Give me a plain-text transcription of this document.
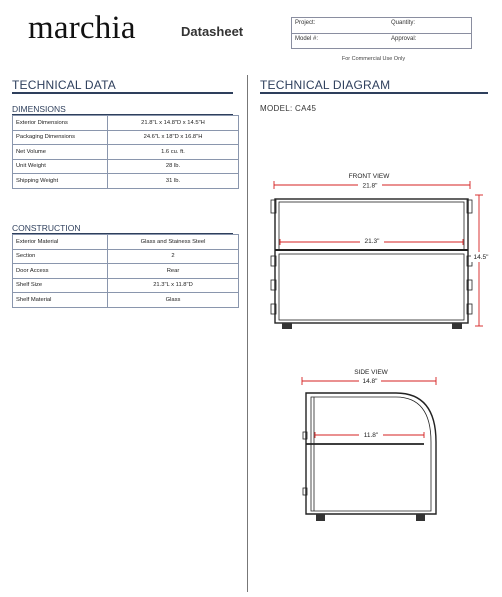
marchia	Datasheet
Project:	Quantity:
Model #:	Approval:
For Commercial Use Only
TECHNICAL DATA
DIMENSIONS
Exterior Dimensions	21.8"L x 14.8"D x 14.5"H
Packaging Dimensions	24.6"L x 18"D x 16.8"H
Net Volume	1.6 cu. ft.
Unit Weight	28 lb.
Shipping Weight	31 lb.
CONSTRUCTION
Exterior Material	Glass and Stainess Steel
Section	2
Door Access	Rear
Shelf Size	21.3"L x 11.8"D
Shelf Material	Glass
TECHNICAL DIAGRAM
MODEL: CA45
FRONT VIEW
21.8"
21.3"
14.5"
SIDE VIEW
14.8"
11.8"
